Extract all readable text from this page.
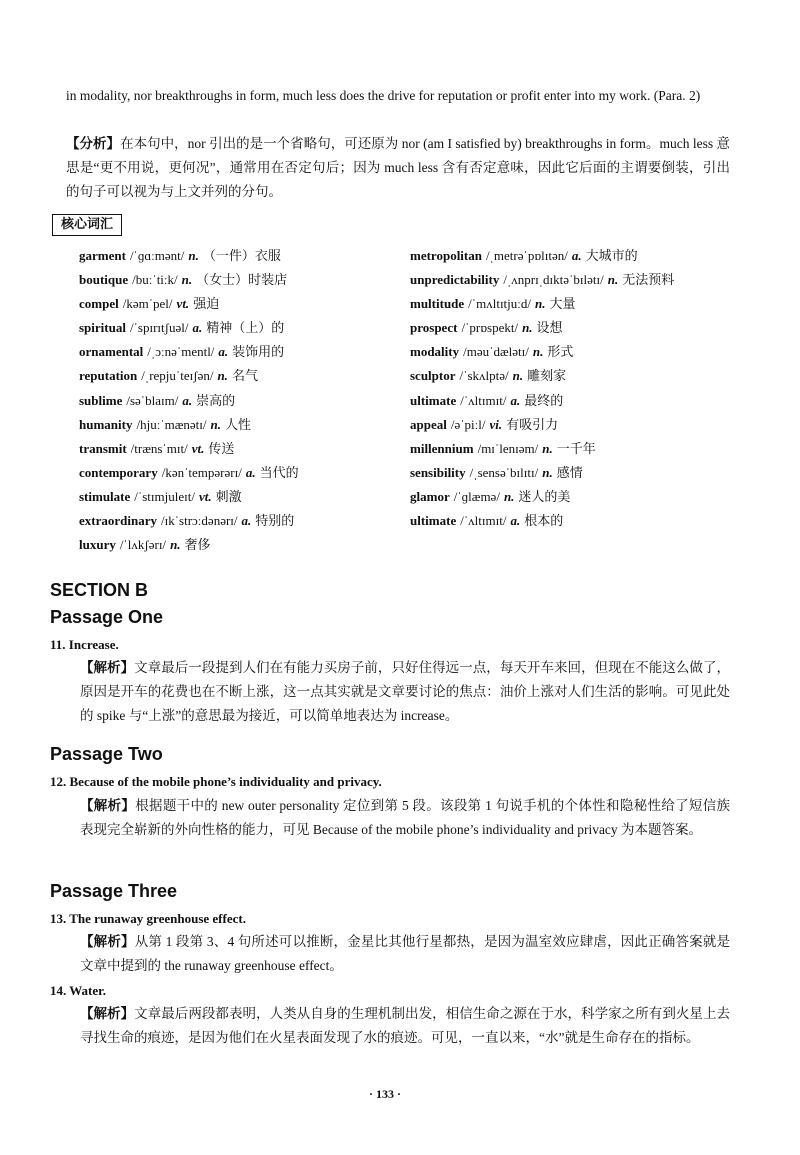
in modality, nor breakthroughs in form, much less does the drive for reputation or profit enter into my work. (Para. 2)
【分析】在本句中，nor 引出的是一个省略句，可还原为 nor (am I satisfied by) breakthroughs in form。much less 意思是“更不用说，更何况”，通常用在否定句后；因为 much less 含有否定意味，因此它后面的主谓要倒装，引出的句子可以视为与上文并列的分句。
核心词汇
garment /ˈɡɑːmənt/ n. （一件）衣服
boutique /buːˈtiːk/ n. （女士）时装店
compel /kəmˈpel/ vt. 强迫
spiritual /ˈspɪrɪtʃuəl/ a. 精神（上）的
ornamental /ˌɔːnəˈmentl/ a. 装饰用的
reputation /ˌrepjuˈteɪʃən/ n. 名气
sublime /səˈblaɪm/ a. 崇高的
humanity /hjuːˈmænətɪ/ n. 人性
transmit /trænsˈmɪt/ vt. 传送
contemporary /kənˈtempərərɪ/ a. 当代的
stimulate /ˈstɪmjuleɪt/ vt. 刺激
extraordinary /ɪkˈstrɔːdənərɪ/ a. 特别的
luxury /ˈlʌkʃərɪ/ n. 奢侈
metropolitan /ˌmetrəˈpɒlɪtən/ a. 大城市的
unpredictability /ˌʌnprɪˌdɪktəˈbɪlətɪ/ n. 无法预料
multitude /ˈmʌltɪtjuːd/ n. 大量
prospect /ˈprɒspekt/ n. 设想
modality /məuˈdælətɪ/ n. 形式
sculptor /ˈskʌlptə/ n. 雕刻家
ultimate /ˈʌltɪmɪt/ a. 最终的
appeal /əˈpiːl/ vi. 有吸引力
millennium /mɪˈlenɪəm/ n. 一千年
sensibility /ˌsensəˈbɪlɪtɪ/ n. 感情
glamor /ˈɡlæmə/ n. 迷人的美
ultimate /ˈʌltɪmɪt/ a. 根本的
SECTION B
Passage One
11. Increase.
【解析】文章最后一段提到人们在有能力买房子前，只好住得远一点，每天开车来回，但现在不能这么做了，原因是开车的花费也在不断上涨，这一点其实就是文章要讨论的焦点：油价上涨对人们生活的影响。可见此处的 spike 与“上涨”的意思最为接近，可以简单地表达为 increase。
Passage Two
12. Because of the mobile phone’s individuality and privacy.
【解析】根据题干中的 new outer personality 定位到第 5 段。该段第 1 句说手机的个体性和隐秘性给了短信族表现完全崭新的外向性格的能力，可见 Because of the mobile phone’s individuality and privacy 为本题答案。
Passage Three
13. The runaway greenhouse effect.
【解析】从第 1 段第 3、4 句所述可以推断，金星比其他行星都热，是因为温室效应肆虐，因此正确答案就是文章中提到的 the runaway greenhouse effect。
14. Water.
【解析】文章最后两段都表明，人类从自身的生理机制出发，相信生命之源在于水，科学家之所有到火星上去寻找生命的痕迹，是因为他们在火星表面发现了水的痕迹。可见，一直以来，“水”就是生命存在的指标。
· 133 ·
